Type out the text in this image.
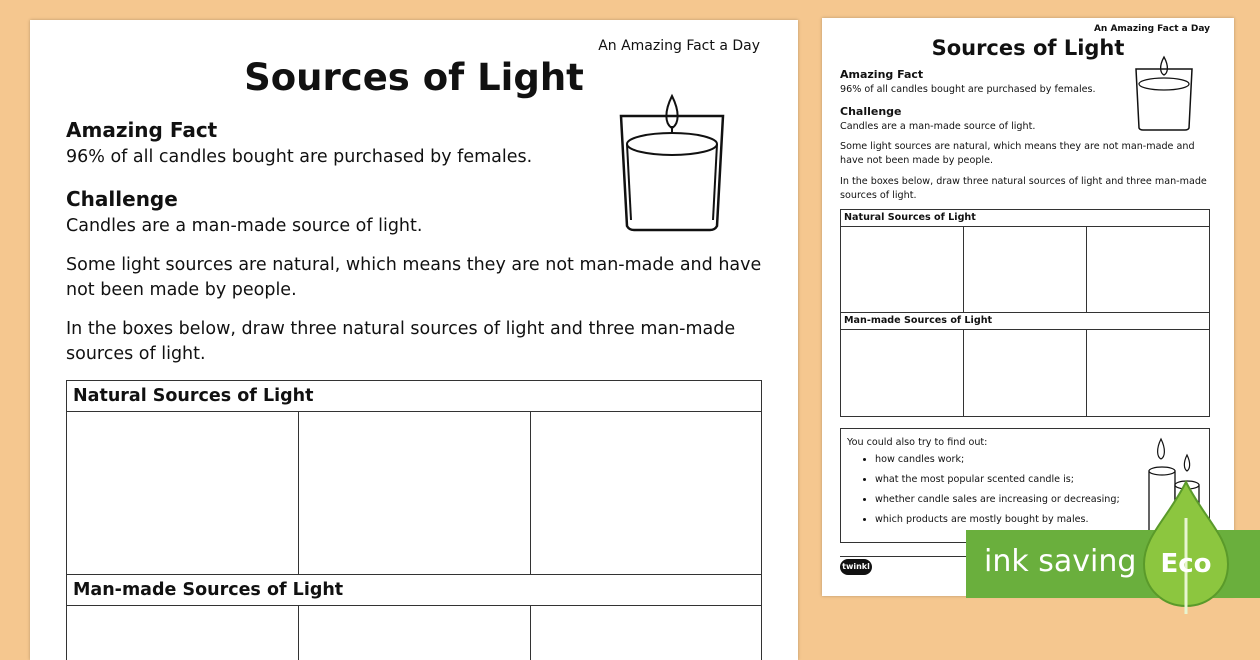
An Amazing Fact a Day
Sources of Light
Amazing Fact
96% of all candles bought are purchased by females.
Challenge
Candles are a man-made source of light.
Some light sources are natural, which means they are not man-made and have not been made by people.
In the boxes below, draw three natural sources of light and three man-made sources of light.
Natural Sources of Light
Man-made Sources of Light
An Amazing Fact a Day
Sources of Light
Amazing Fact
96% of all candles bought are purchased by females.
Challenge
Candles are a man-made source of light.
Some light sources are natural, which means they are not man-made and have not been made by people.
In the boxes below, draw three natural sources of light and three man-made sources of light.
Natural Sources of Light
Man-made Sources of Light
You could also try to find out:
• how candles work;
• what the most popular scented candle is;
• whether candle sales are increasing or decreasing;
• which products are mostly bought by males.
twinkl	ink saving Eco
